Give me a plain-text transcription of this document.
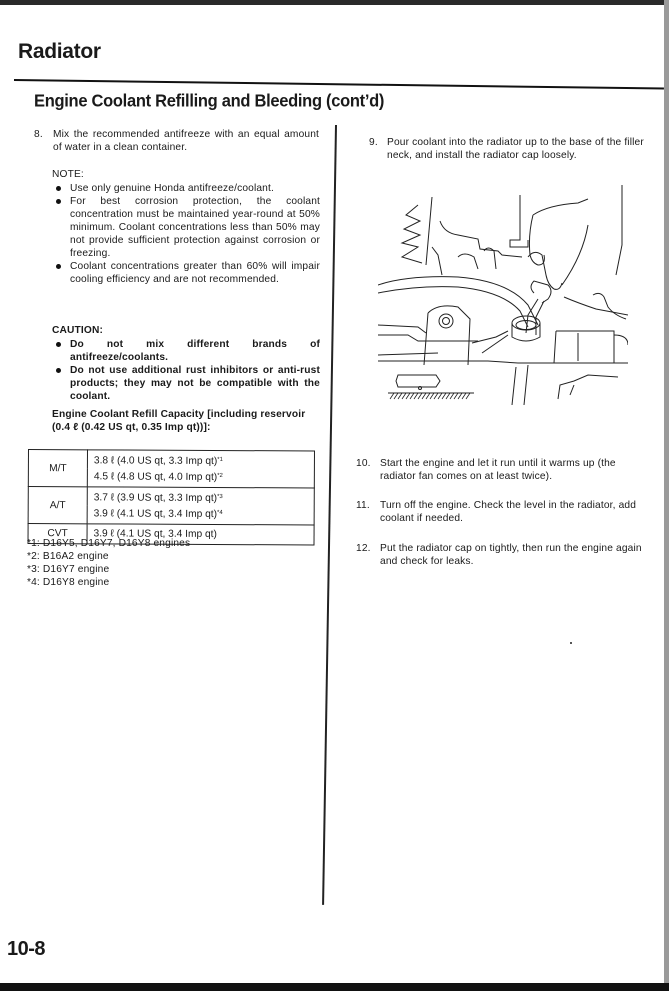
Radiator
Engine Coolant Refilling and Bleeding (cont’d)
8. Mix the recommended antifreeze with an equal amount of water in a clean container.
NOTE:
Use only genuine Honda antifreeze/coolant.
For best corrosion protection, the coolant concentration must be maintained year-round at 50% minimum. Coolant concentrations less than 50% may not provide sufficient protection against corrosion or freezing.
Coolant concentrations greater than 60% will impair cooling efficiency and are not recommended.
CAUTION:
Do not mix different brands of antifreeze/coolants.
Do not use additional rust inhibitors or anti-rust products; they may not be compatible with the coolant.
Engine Coolant Refill Capacity [including reservoir (0.4 ℓ (0.42 US qt, 0.35 Imp qt))]:
M/T	3.8 ℓ (4.0 US qt, 3.3 Imp qt)$^{*1}$
	4.5 ℓ (4.8 US qt, 4.0 Imp qt)$^{*2}$
A/T	3.7 ℓ (3.9 US qt, 3.3 Imp qt)$^{*3}$
	3.9 ℓ (4.1 US qt, 3.4 Imp qt)$^{*4}$
CVT	3.9 ℓ (4.1 US qt, 3.4 Imp qt)
*1: D16Y5, D16Y7, D16Y8 engines
*2: B16A2 engine
*3: D16Y7 engine
*4: D16Y8 engine
9. Pour coolant into the radiator up to the base of the filler neck, and install the radiator cap loosely.
10. Start the engine and let it run until it warms up (the radiator fan comes on at least twice).
11. Turn off the engine. Check the level in the radiator, add coolant if needed.
12. Put the radiator cap on tightly, then run the engine again and check for leaks.
10-8
